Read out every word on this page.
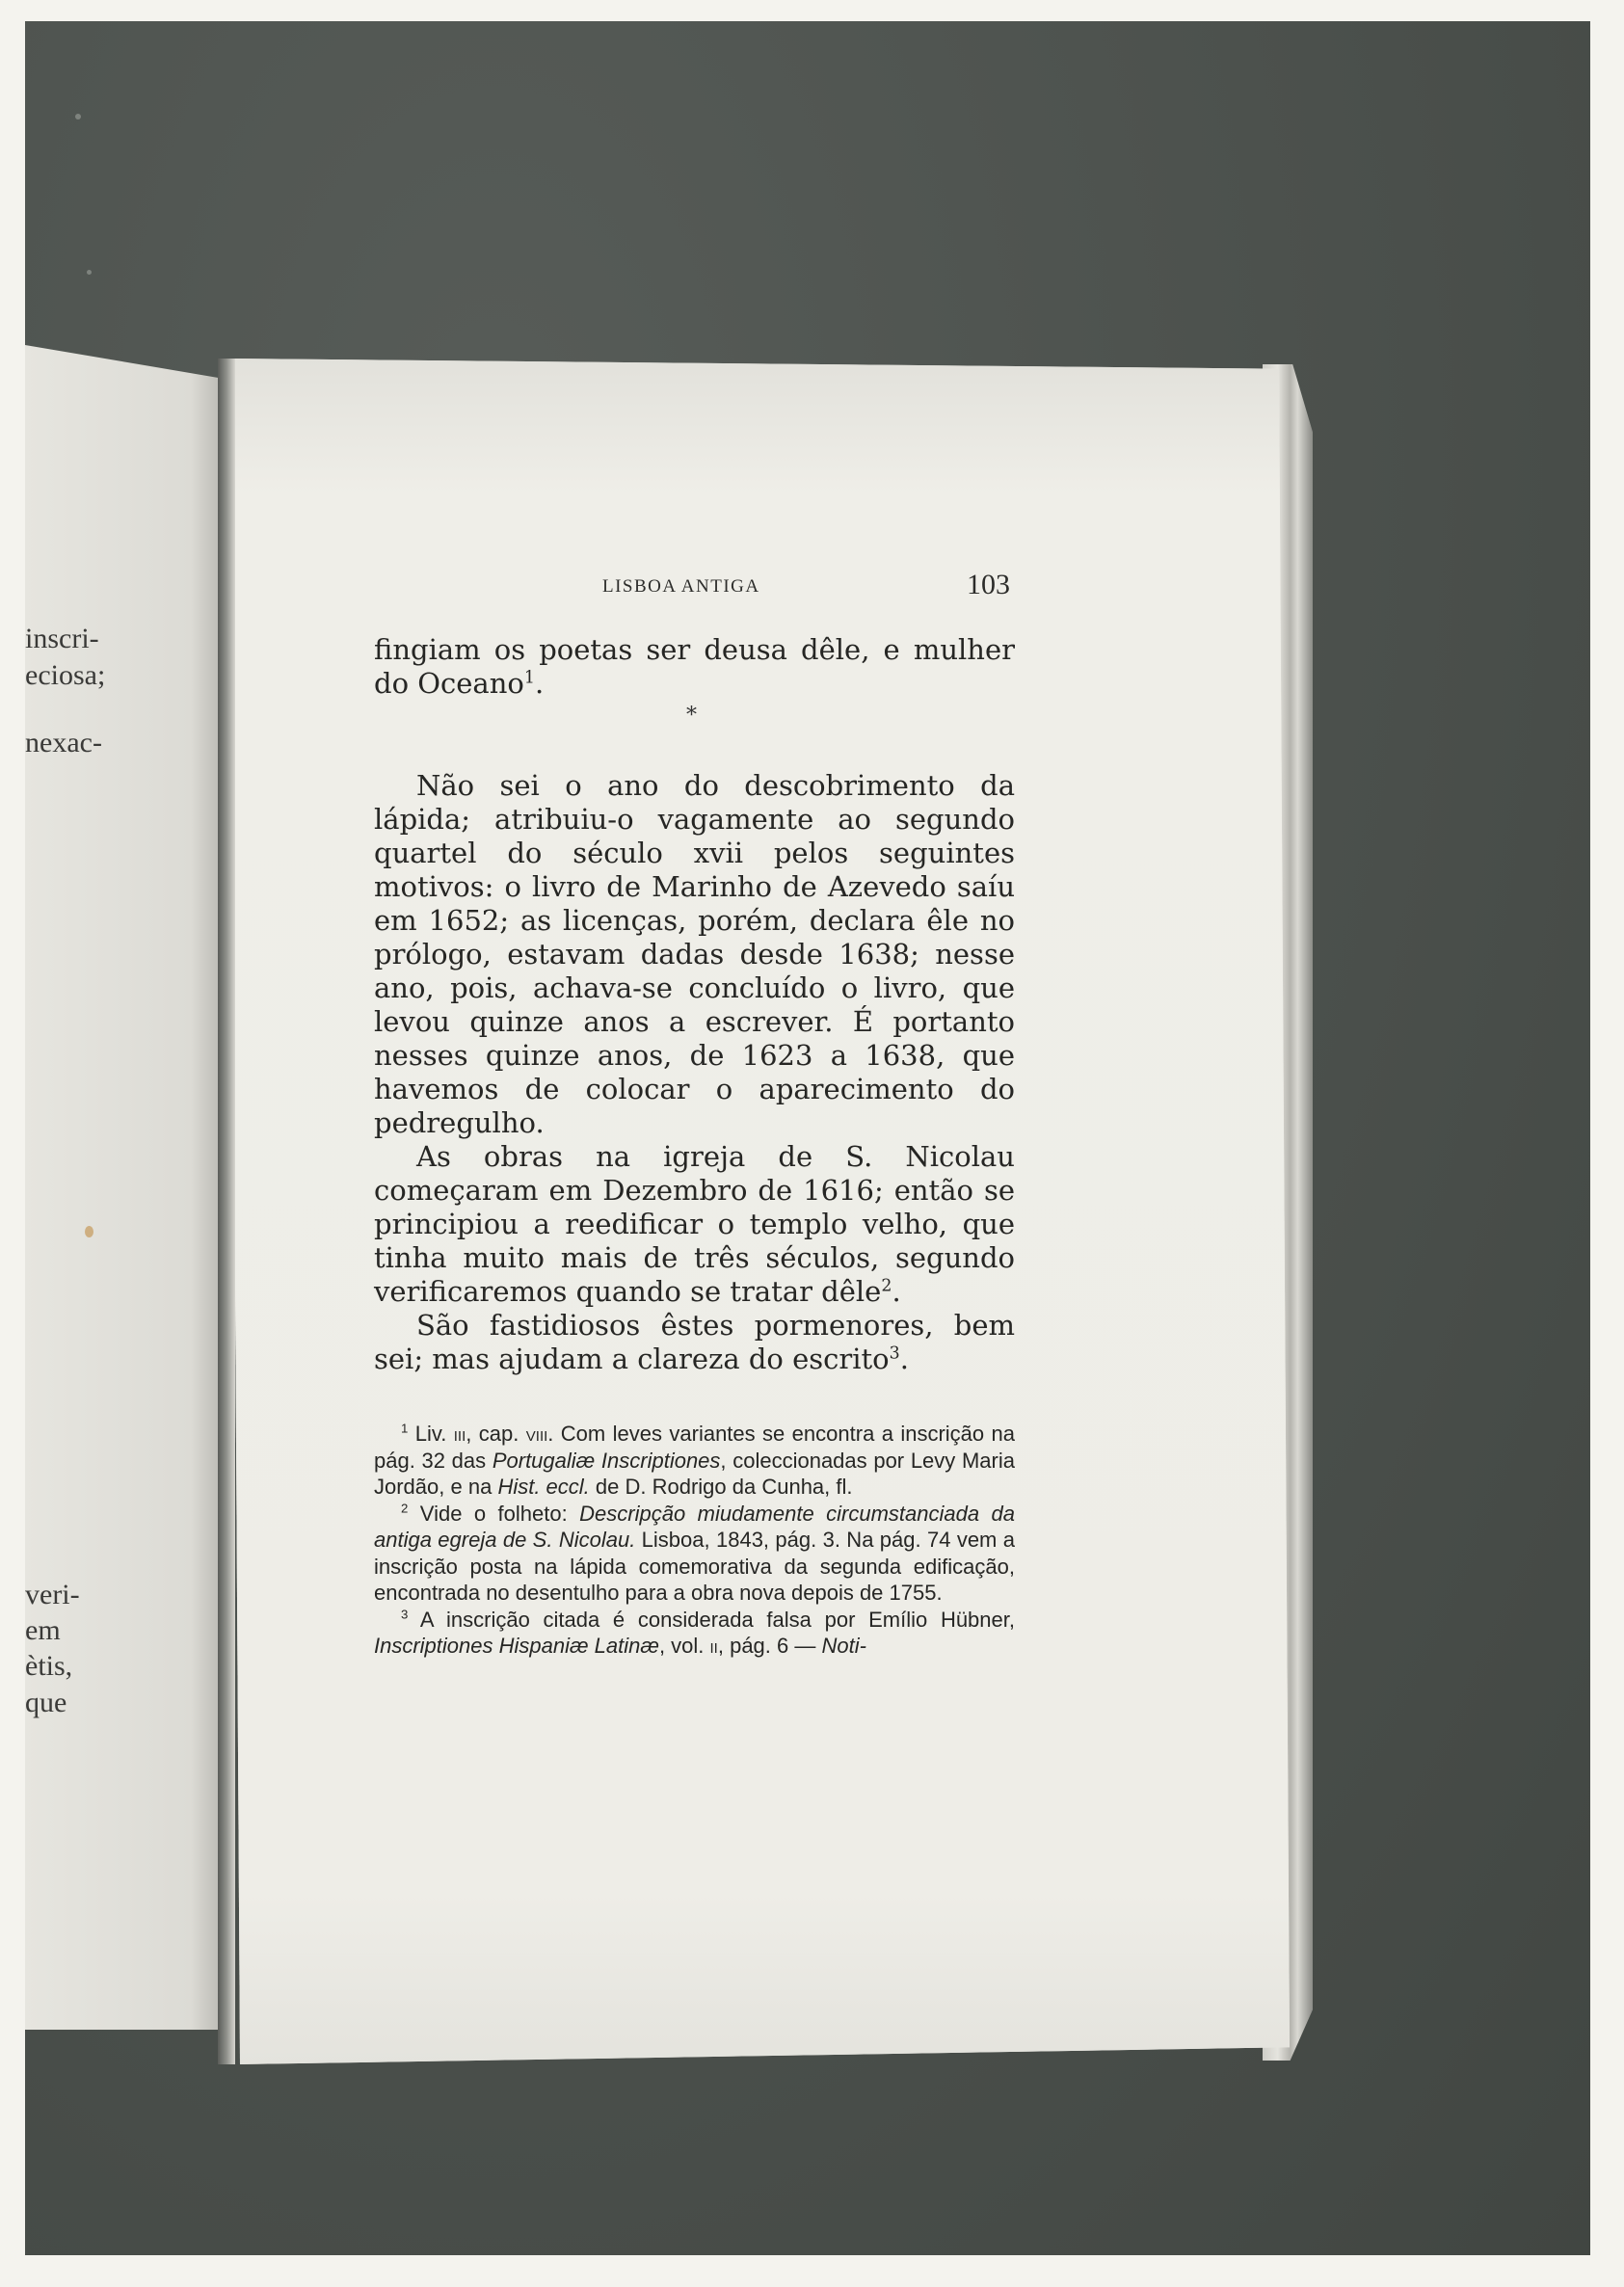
inscri-
eciosa;
nexac-
veri-
em
ètis,
que
LISBOA ANTIGA	103

fingiam os poetas ser deusa dêle, e mulher do Oceano$^1$.

*

Não sei o ano do descobrimento da lápida; atribuiu-o vagamente ao segundo quartel do século xvii pelos seguintes motivos: o livro de Marinho de Azevedo saíu em 1652; as licenças, porém, declara êle no prólogo, estavam dadas desde 1638; nesse ano, pois, achava-se concluído o livro, que levou quinze anos a escrever. É portanto nesses quinze anos, de 1623 a 1638, que havemos de colocar o aparecimento do pedregulho.

As obras na igreja de S. Nicolau começaram em Dezembro de 1616; então se principiou a reedificar o templo velho, que tinha muito mais de três séculos, segundo verificaremos quando se tratar dêle$^2$.

São fastidiosos êstes pormenores, bem sei; mas ajudam a clareza do escrito$^3$.

$^1$ Liv. iii, cap. viii. Com leves variantes se encontra a inscrição na pág. 32 das Portugaliæ Inscriptiones, coleccionadas por Levy Maria Jordão, e na Hist. eccl. de D. Rodrigo da Cunha, fl.

$^2$ Vide o folheto: Descripção miudamente circumstanciada da antiga egreja de S. Nicolau. Lisboa, 1843, pág. 3. Na pág. 74 vem a inscrição posta na lápida comemorativa da segunda edificação, encontrada no desentulho para a obra nova depois de 1755.

$^3$ A inscrição citada é considerada falsa por Emílio Hübner, Inscriptiones Hispaniæ Latinæ, vol. ii, pág. 6 — Noti-
